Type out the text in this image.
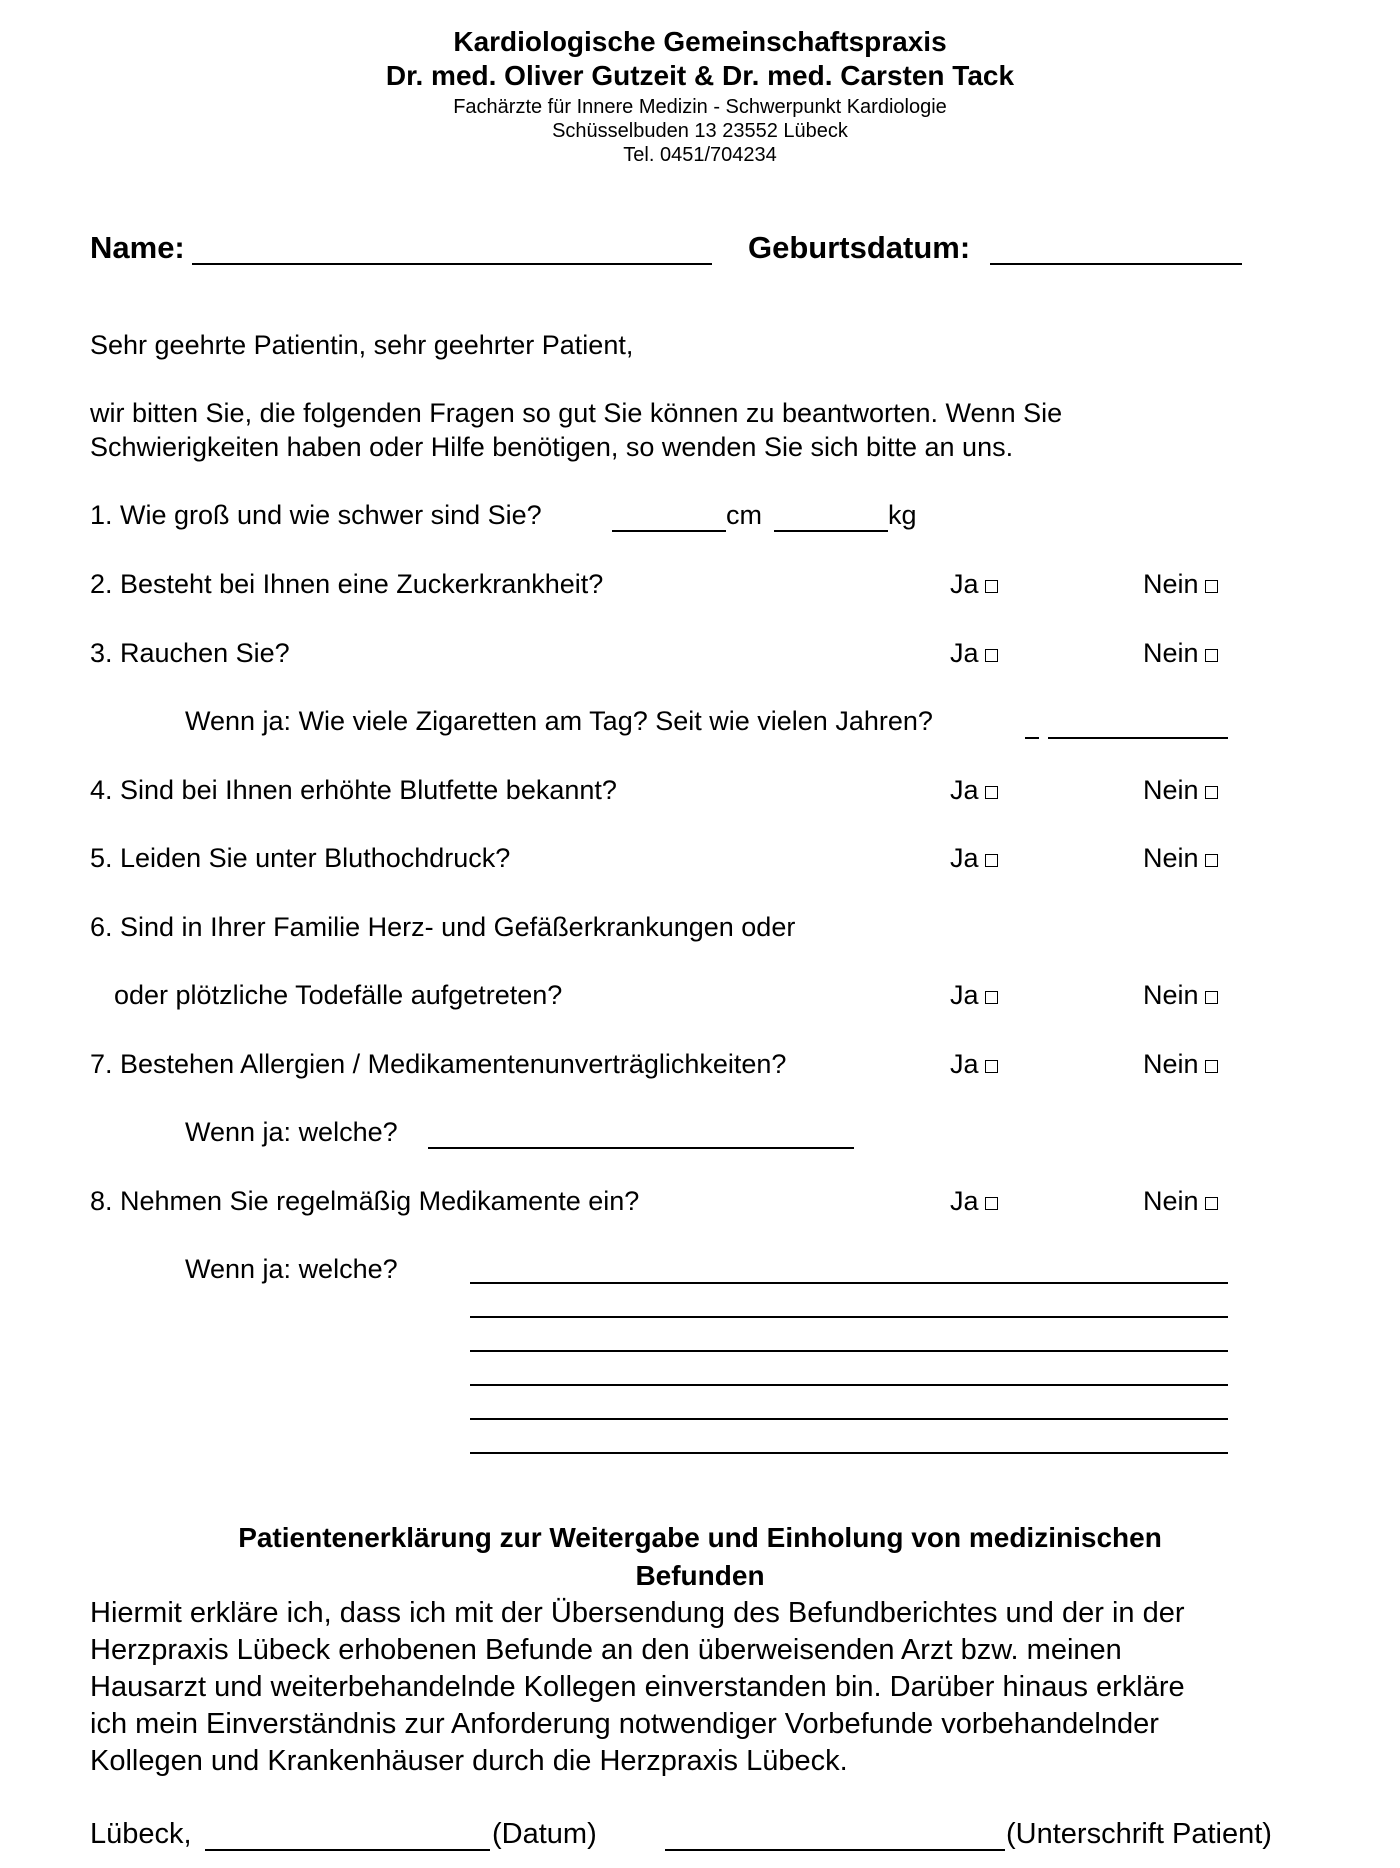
Kardiologische Gemeinschaftspraxis
Dr. med. Oliver Gutzeit & Dr. med. Carsten Tack
Fachärzte für Innere Medizin - Schwerpunkt Kardiologie
Schüsselbuden 13 23552 Lübeck
Tel. 0451/704234
Name:	Geburtsdatum:
Sehr geehrte Patientin, sehr geehrter Patient,
wir bitten Sie, die folgenden Fragen so gut Sie können zu beantworten. Wenn Sie
Schwierigkeiten haben oder Hilfe benötigen, so wenden Sie sich bitte an uns.
1. Wie groß und wie schwer sind Sie?	cm	kg
2. Besteht bei Ihnen eine Zuckerkrankheit?	Ja	Nein
3. Rauchen Sie?	Ja	Nein
Wenn ja: Wie viele Zigaretten am Tag? Seit wie vielen Jahren?
4. Sind bei Ihnen erhöhte Blutfette bekannt?	Ja	Nein
5. Leiden Sie unter Bluthochdruck?	Ja	Nein
6. Sind in Ihrer Familie Herz- und Gefäßerkrankungen oder
oder plötzliche Todefälle aufgetreten?	Ja	Nein
7. Bestehen Allergien / Medikamentenunverträglichkeiten?	Ja	Nein
Wenn ja: welche?
8. Nehmen Sie regelmäßig Medikamente ein?	Ja	Nein
Wenn ja: welche?
Patientenerklärung zur Weitergabe und Einholung von medizinischen
Befunden
Hiermit erkläre ich, dass ich mit der Übersendung des Befundberichtes und der in der
Herzpraxis Lübeck erhobenen Befunde an den überweisenden Arzt bzw. meinen
Hausarzt und weiterbehandelnde Kollegen einverstanden bin. Darüber hinaus erkläre
ich mein Einverständnis zur Anforderung notwendiger Vorbefunde vorbehandelnder
Kollegen und Krankenhäuser durch die Herzpraxis Lübeck.
Lübeck,	(Datum)	(Unterschrift Patient)
